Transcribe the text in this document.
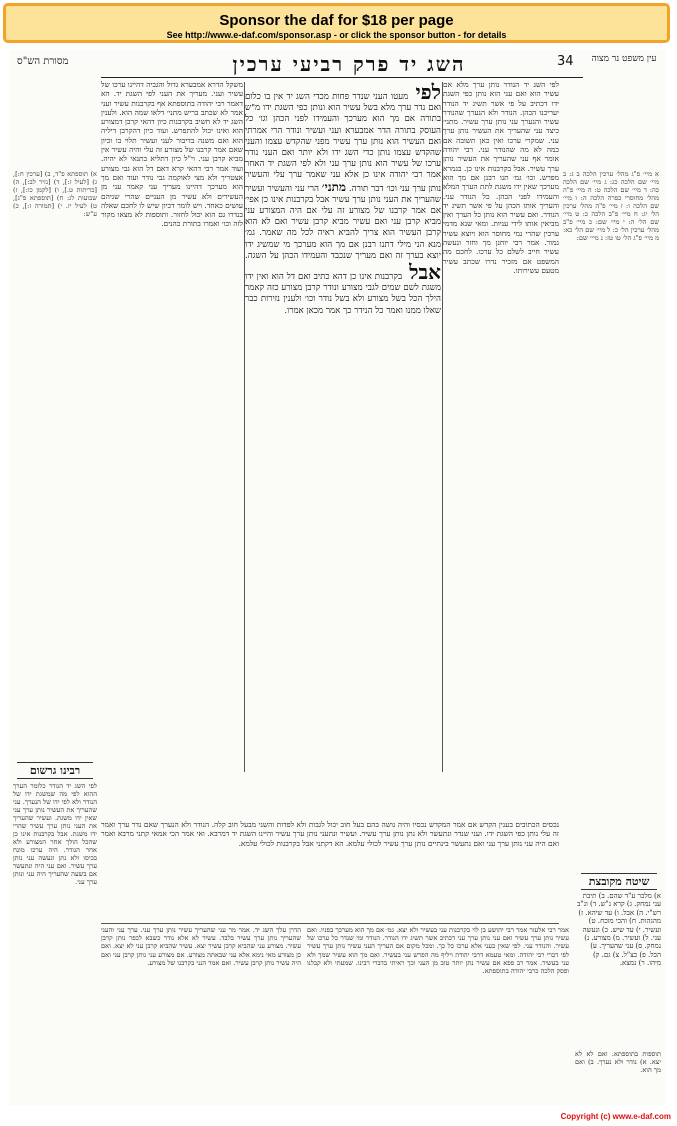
Sponsor the daf for $18 per page
See http://www.e-daf.com/sponsor.asp - or click the sponsor button - for details
מסורת הש"ס	השג יד פרק רביעי ערכין	34 עין משפט נר מצוה
א מיי׳ פ"ג מהל׳ ערכין הלכה ב ג: ב מיי׳ שם הלכה כג: ג מיי׳ שם הלכה כה: ד מיי׳ שם הלכה ט: ה מיי׳ פ"ה מהל׳ מחוסרי כפרה הלכה ה: ו מיי׳ שם הלכה ו: ז מיי׳ פ"ה מהל׳ ערכין הל׳ יג: ח מיי׳ פ"ב הלכה כ: ט מיי׳ שם הל׳ ה: י מיי׳ שם: כ מיי׳ פ"ב מהל׳ ערכין הל׳ כ: ל מיי׳ שם הל׳ כא: מ מיי׳ פ"ג הל׳ טו טז: נ מיי׳ שם:
לפי השג יד הנודר נותן ערך מלא אם עשיר הוא ואם עני הוא נותן כפי השגת ידו דכתיב על פי אשר תשיג יד הנודר יעריכנו הכהן. הנודר ולא הנערך שהנודר עשיר והנערך עני נותן ערך עשיר. מתני׳ כיצד עני שהעריך את העשיר נותן ערך עני. שמקרי ערכו ואין כאן תשובה אם כמה לא מה שהנודר עני. רבי יהודה אומר אף עני שהעריך את העשיר נותן ערך עשיר. אבל בקרבנות אינו כן. בגמרא מפרש. וכו׳ גמ׳ תנו רבנן אם מך הוא מערכך שאין ידו משגת לתת הערך המלא והעמידו לפני הכהן. כל הנודר עני. והעריך אותו הכהן על פי אשר תשיג יד הנודר. ואם עשיר הוא נותן כל הערך ואין מביאין אותו לידי עניות. ומאי שנא מדמי ערכין שהרי נמי מחוסר הוא ויוצא עשיר גמור. אמר רבי יוחנן מך וחזר ונעשה עשיר חייב לשלם כל ערכו. לחכם מה המשפט אם מזכיר נדרו שכתב עשיר מטעם עשירותו.
לפי מעטו העני שנדר פחות מכדי השג יד אין בו כלום ואם נדר ערך מלא בשל עשיר הוא ונותן כפי השגת ידו מ"ש בתורה אם מך הוא מערכך והעמידו לפני הכהן וגו׳ כל העוסק בתורה הדר אמבערא ועני ועשיר ונודר הרי אמרתי ואם העשיר הוא נותן ערך עשיר מפני שהקדש עצמו והעני שהקדש עצמו נותן כדי השג ידו ולא יותר ואם העני נודר ערכו של עשיר הוא נותן ערך עני ולא לפי השגת יד האחר אמר רבי יהודה אינו כן אלא עני שאמר ערך עלי והעשיר נותן ערך עני וכו׳ דבר תורה. מתני׳ הרי עני והעשיר ועשיר שהעריך את העני נותן ערך עשיר אבל בקרבנות אינו כן אפי׳ אם אמר קרבנו של מצורע זה עלי אם היה המצורע עני מביא קרבן עני ואם עשיר מביא קרבן עשיר ואם לא הוא קרבן העשיר הוא צריך להביא ראיה לכל מה שאמר. גמ׳ מנא הני מילי דתנו רבנן אם מך הוא מערכך מי שמשיג ידו יוצא בערך זה ואם מעריך שנכבד והעמידו הכהן על השגה. אבל בקרבנות אינו כן דהא כתיב ואם דל הוא ואין ידו משגת לשם שמים לגבי מצורע ונודר קרבן מצורע כזה קאמר הילך הכל בשל מצורע ולא בשל נודר וכו׳ ולענין נזירות כבר שאלו ממנו ואמר כל הנידר כך אמר מכאן אמרו.
משקל הדרא אמבערא גדול והגביה דהיינו ערכו של עשיר ועני. מעריך את העני לפי השגת יד. הא דאמר רבי יהודה בתוספתא אף בקרבנות עשיר ועני אמר לא שכתב בריש מתני׳ דלאו שמה הוא. ולענין השג יד לא חשיב בקרבנות כיון דהאי קרבן דמצורע הוא ואינו יכול להתפרש. ועוד כיון דהקרבן דיליה הוא ואם משנה בדיבור לעני ועשיר תלוי בו וכיון שאם אמר קרבנו של מצורע זה עלי והיה עשיר אין מביא קרבן עני. וי"ל כיון דתליא בתנאי לא יהיה. ועוד אמר רבי דהאי קרא דאם דל הוא גבי מצורע אצטריך ולא מצי לאוקמה גבי נודר ועוד ואם מך הוא מערכך דהיינו מעריך עני קאמר עני מן העשירים ולא עשיר מן העניים שהרי שניהם עושים כאחד. ויש לומר דכיון שיש לו לחכם שאלה בנדרו גם הוא יכול לחזור. ותוספות לא מצאו מקור לזה וכו׳ ואמרו בתורת כהנים.
א) תוספתא פ"ד, ב) [ערכין ח:], ג) [לעיל ז:], ד) [נזיר לב:], ה) [כריתות ט.], ו) [לקמן כו:], ז) שבועות לג: ח) [תוספתא פ"ג], ט) לעיל יז. י) [תמורה ז:], כ) ע"ש:
רבינו גרשום
לפי השג יד הנודר כלומר הערך ההוא לפי מה שמשגת ידו של הנודר ולא לפי ידו של הנערך. עני שהעריך את העשיר נותן ערך עני שאין ידו משגת. ועשיר שהעריך את העני נותן ערך עשיר שהרי ידו משגת. אבל בקרבנות אינו כן שהכל הולך אחר המצורע ולא אחר הנודר. היה ערכו מונח בכיסו ולא נתן ונעשה עני נותן ערך עשיר. ואם עני היה ונתעשר אם בשעה שהעריך היה עני ונותן ערך עני.
נכסים הכתובים בענין הקדש אם אמר המקדש נכסיו והיה נושה בהם בעל חוב יכול לגבות ולא לפדות והשני מבעל חוב קלה. הנודר ולא הנערך שאם נדר ערך ואמר זה עלי נותן כפי השגת ידו. ועני שנדר ונתעשר ולא נתן נותן ערך עשיר. ועשיר ונתעני נותן ערך עשיר והיינו השגת יד דמרבא. ואי אמר הכי אמאי קתני מרבא ואמר ואם היה עני נותן ערך עני ואם נתעשר בינתיים נותן ערך עשיר לכולי עלמא. הא דקתני אבל בקרבנות לכולי עלמא.
אמר רבי אלעזר אמר רבי יהושע בן לוי בקרבנות עני בעשיר ולא יצא. גמ׳ אם מך הוא מערכך בפניו. ואם עשיר נותן ערך עשיר ואם עני נותן ערך עני דכתיב אשר תשיג ידו הנודר. הנודר ומי שנדר כל ערכו של עשיר. והנודר עני. לפי שאין בעני אלא ערכו כל כך. ומכל מקום אם העריך העני עשיר נותן ערך עשיר לפי דברי רבי יהודה. ומאי טעמא דרבי יהודה ויליף מה הפרש עני בעשיר. ואם מך הוא עשיר שמך ולא עני בעשיר. אמר רב פפא אם עשיר נתן יותר טוב מן העני וכך ראיתי בדברי רבינו. שמעתי ולא קבלנו ופסק הלכה כרבי יהודה בתוספתא.
הדרן עלך השג יד. אמר מר עני שהעריך עשיר נותן ערך עני. ערך עני והעני שהעריך נותן ערך עשיר בלבד. עשיר לא אלא נודר כשבא לכפר נותן קרבן עשיר. מצורע עני שהביא קרבן עשיר יצא. עשיר שהביא קרבן עני לא יצא. ואם כן מצורע מאי נימא אלא עני שבאתה מצורע. אם מצורע עני נותן קרבן עני ואם היה עשיר נותן קרבן עשיר. ואם אמר הנני בקרבנו של מצורע.
שיטה מקובצת
א) מלכר ע"ד שהם. ב) תיבת עני נמחק. ג) קרא נ"ש. ד) ונ"ב רש"י. ה) אבל. ו) עד שיהא. ז) מהגהות. ח) והכי מוכח. ט) ועשיר. י) עד שיש. כ) ונעשה עני. ל) ועשיר. מ) מצורע. נ) נמחק. ס) עני שהעריך. ע) הכל. פ) כצ"ל. צ) גם. ק) מיהו. ר) נמצא.
תוספות בתוספתא. ואם לא לא יצא. א) נודר ולא נערך. ב) ואם מך הוא.
Copyright (c) www.e-daf.com
